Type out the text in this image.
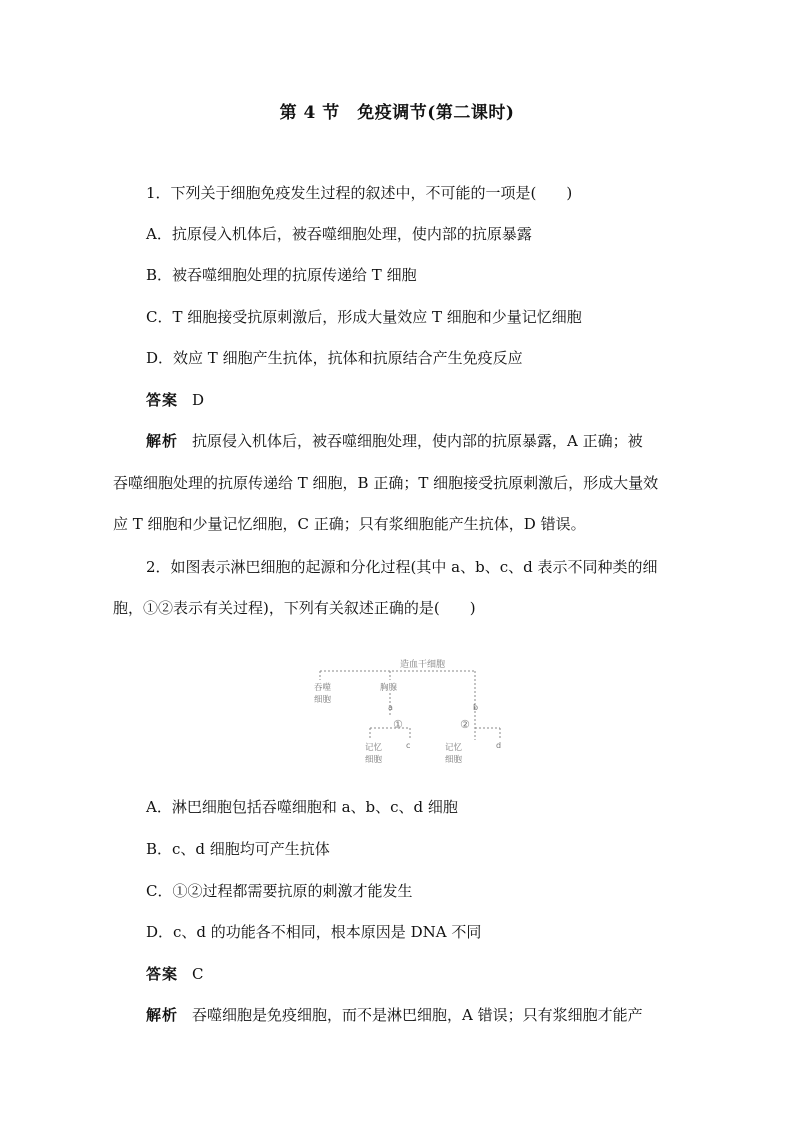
第 4 节　免疫调节(第二课时)
1．下列关于细胞免疫发生过程的叙述中，不可能的一项是(　　)
A．抗原侵入机体后，被吞噬细胞处理，使内部的抗原暴露
B．被吞噬细胞处理的抗原传递给 T 细胞
C．T 细胞接受抗原刺激后，形成大量效应 T 细胞和少量记忆细胞
D．效应 T 细胞产生抗体，抗体和抗原结合产生免疫反应
答案 D
解析 抗原侵入机体后，被吞噬细胞处理，使内部的抗原暴露，A 正确；被
吞噬细胞处理的抗原传递给 T 细胞，B 正确；T 细胞接受抗原刺激后，形成大量效
应 T 细胞和少量记忆细胞，C 正确；只有浆细胞能产生抗体，D 错误。
2．如图表示淋巴细胞的起源和分化过程(其中 a、b、c、d 表示不同种类的细
胞，①②表示有关过程)，下列有关叙述正确的是(　　)
造血干细胞
吞噬
细胞
胸腺
a	b
①	②
记忆
细胞
c	记忆
细胞
d
A．淋巴细胞包括吞噬细胞和 a、b、c、d 细胞
B．c、d 细胞均可产生抗体
C．①②过程都需要抗原的刺激才能发生
D．c、d 的功能各不相同，根本原因是 DNA 不同
答案 C
解析 吞噬细胞是免疫细胞，而不是淋巴细胞，A 错误；只有浆细胞才能产
